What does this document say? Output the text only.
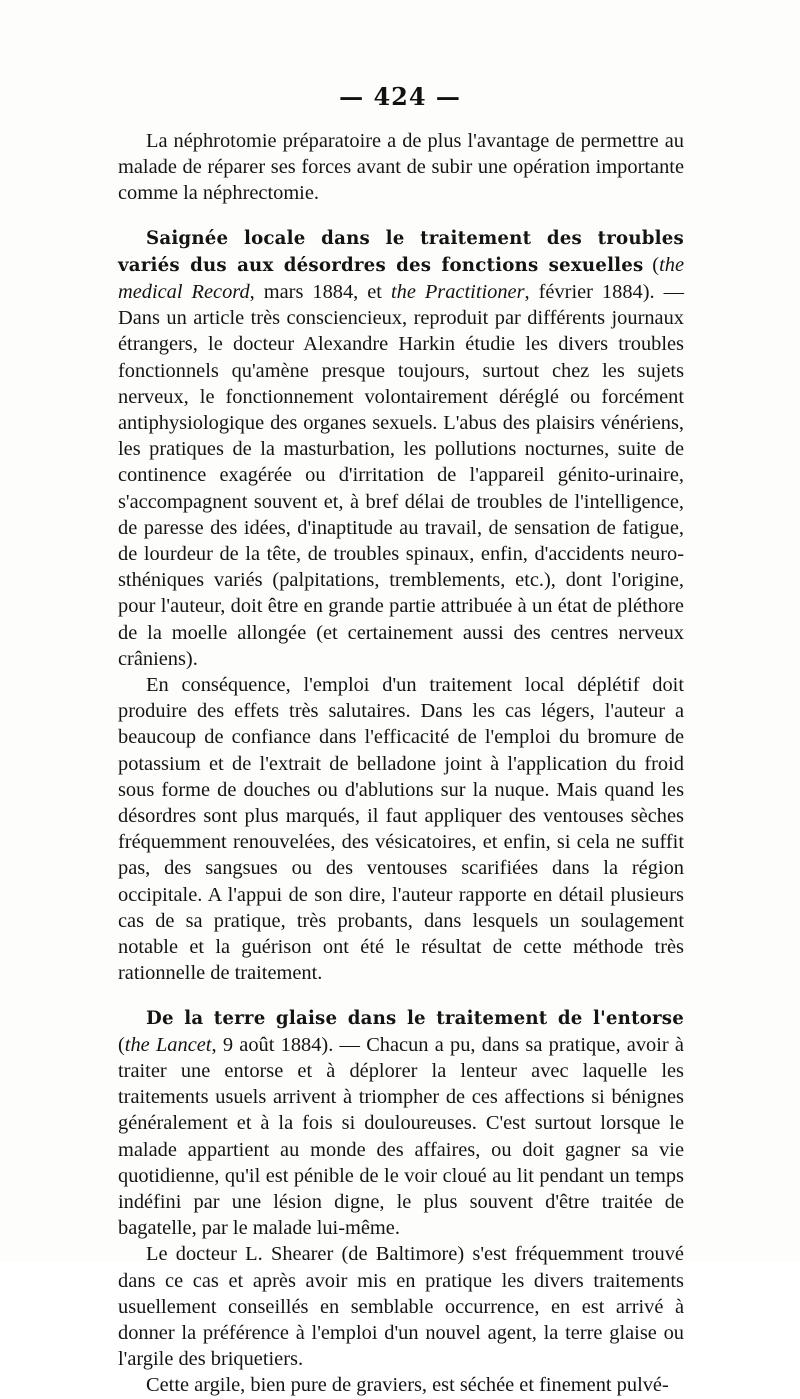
— 424 —

La néphrotomie préparatoire a de plus l'avantage de permettre au malade de réparer ses forces avant de subir une opération importante comme la néphrectomie.

Saignée locale dans le traitement des troubles variés dus aux désordres des fonctions sexuelles (the medical Record, mars 1884, et the Practitioner, février 1884). — Dans un article très consciencieux, reproduit par différents journaux étrangers, le docteur Alexandre Harkin étudie les divers troubles fonctionnels qu'amène presque toujours, surtout chez les sujets nerveux, le fonctionnement volontairement déréglé ou forcément antiphysiologique des organes sexuels. L'abus des plaisirs vénériens, les pratiques de la masturbation, les pollutions nocturnes, suite de continence exagérée ou d'irritation de l'appareil génito-urinaire, s'accompagnent souvent et, à bref délai de troubles de l'intelligence, de paresse des idées, d'inaptitude au travail, de sensation de fatigue, de lourdeur de la tête, de troubles spinaux, enfin, d'accidents neuro-sthéniques variés (palpitations, tremblements, etc.), dont l'origine, pour l'auteur, doit être en grande partie attribuée à un état de pléthore de la moelle allongée (et certainement aussi des centres nerveux crâniens).

En conséquence, l'emploi d'un traitement local déplétif doit produire des effets très salutaires. Dans les cas légers, l'auteur a beaucoup de confiance dans l'efficacité de l'emploi du bromure de potassium et de l'extrait de belladone joint à l'application du froid sous forme de douches ou d'ablutions sur la nuque. Mais quand les désordres sont plus marqués, il faut appliquer des ventouses sèches fréquemment renouvelées, des vésicatoires, et enfin, si cela ne suffit pas, des sangsues ou des ventouses scarifiées dans la région occipitale. A l'appui de son dire, l'auteur rapporte en détail plusieurs cas de sa pratique, très probants, dans lesquels un soulagement notable et la guérison ont été le résultat de cette méthode très rationnelle de traitement.

De la terre glaise dans le traitement de l'entorse (the Lancet, 9 août 1884). — Chacun a pu, dans sa pratique, avoir à traiter une entorse et à déplorer la lenteur avec laquelle les traitements usuels arrivent à triompher de ces affections si bénignes généralement et à la fois si douloureuses. C'est surtout lorsque le malade appartient au monde des affaires, ou doit gagner sa vie quotidienne, qu'il est pénible de le voir cloué au lit pendant un temps indéfini par une lésion digne, le plus souvent d'être traitée de bagatelle, par le malade lui-même.

Le docteur L. Shearer (de Baltimore) s'est fréquemment trouvé dans ce cas et après avoir mis en pratique les divers traitements usuellement conseillés en semblable occurrence, en est arrivé à donner la préférence à l'emploi d'un nouvel agent, la terre glaise ou l'argile des briquetiers.

Cette argile, bien pure de graviers, est séchée et finement pulvé-
